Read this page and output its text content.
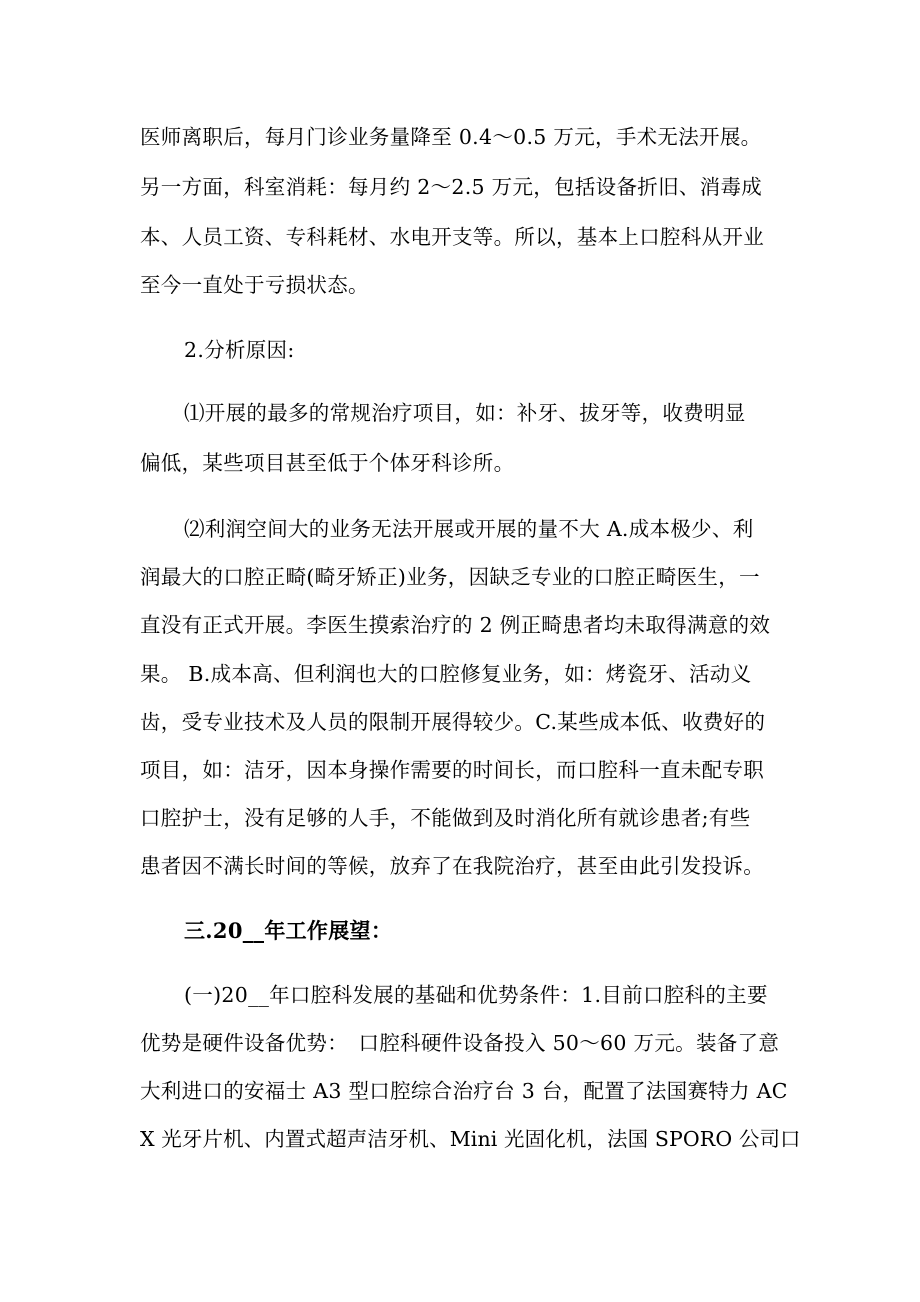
医师离职后，每月门诊业务量降至 0.4～0.5 万元，手术无法开展。
另一方面，科室消耗：每月约 2～2.5 万元，包括设备折旧、消毒成
本、人员工资、专科耗材、水电开支等。所以，基本上口腔科从开业
至今一直处于亏损状态。
2.分析原因:
⑴开展的最多的常规治疗项目，如：补牙、拔牙等，收费明显
偏低，某些项目甚至低于个体牙科诊所。
⑵利润空间大的业务无法开展或开展的量不大 A.成本极少、利
润最大的口腔正畸(畸牙矫正)业务，因缺乏专业的口腔正畸医生，一
直没有正式开展。李医生摸索治疗的 2 例正畸患者均未取得满意的效
果。 B.成本高、但利润也大的口腔修复业务，如：烤瓷牙、活动义
齿，受专业技术及人员的限制开展得较少。C.某些成本低、收费好的
项目，如：洁牙，因本身操作需要的时间长，而口腔科一直未配专职
口腔护士，没有足够的人手，不能做到及时消化所有就诊患者;有些
患者因不满长时间的等候，放弃了在我院治疗，甚至由此引发投诉。
三.20__年工作展望：
(一)20__年口腔科发展的基础和优势条件：1.目前口腔科的主要
优势是硬件设备优势：　口腔科硬件设备投入 50～60 万元。装备了意
大利进口的安福士 A3 型口腔综合治疗台 3 台，配置了法国赛特力 AC
X 光牙片机、内置式超声洁牙机、Mini 光固化机，法国 SPORO 公司口
